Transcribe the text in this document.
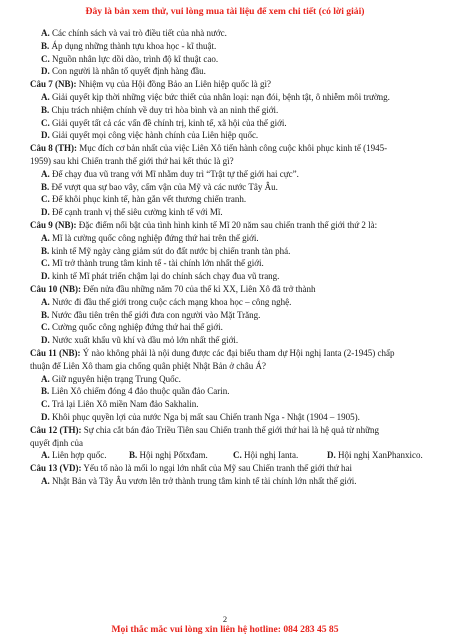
Đây là bản xem thử, vui lòng mua tài liệu để xem chi tiết (có lời giải)
A. Các chính sách và vai trò điều tiết của nhà nước.
B. Áp dụng những thành tựu khoa học - kĩ thuật.
C. Nguồn nhân lực dồi dào, trình độ kĩ thuật cao.
D. Con người là nhân tố quyết định hàng đầu.
Câu 7 (NB): Nhiệm vụ của Hội đồng Bảo an Liên hiệp quốc là gì?
A. Giải quyết kịp thời những việc bức thiết của nhân loại: nạn đói, bệnh tật, ô nhiễm môi trường.
B. Chịu trách nhiệm chính về duy trì hòa bình và an ninh thế giới.
C. Giải quyết tất cả các vấn đề chính trị, kinh tế, xã hội của thế giới.
D. Giải quyết mọi công việc hành chính của Liên hiệp quốc.
Câu 8 (TH): Mục đích cơ bản nhất của việc Liên Xô tiến hành công cuộc khôi phục kinh tế (1945-
1959) sau khi Chiến tranh thế giới thứ hai kết thúc là gì?
A. Để chạy đua vũ trang với Mĩ nhằm duy trì “Trật tự thế giới hai cực”.
B. Để vượt qua sự bao vây, cấm vận của Mỹ và các nước Tây Âu.
C. Để khôi phục kinh tế, hàn gắn vết thương chiến tranh.
D. Để cạnh tranh vị thế siêu cường kinh tế với Mĩ.
Câu 9 (NB): Đặc điểm nổi bật của tình hình kinh tế Mĩ 20 năm sau chiến tranh thế giới thứ 2 là:
A. Mĩ là cường quốc công nghiệp đứng thứ hai trên thế giới.
B. kinh tế Mỹ ngày càng giảm sút do đất nước bị chiến tranh tàn phá.
C. Mĩ trở thành trung tâm kinh tế - tài chính lớn nhất thế giới.
D. kinh tế Mĩ phát triển chậm lại do chính sách chạy đua vũ trang.
Câu 10 (NB): Đến nửa đầu những năm 70 của thế kỉ XX, Liên Xô đã trở thành
A. Nước đi đầu thế giới trong cuộc cách mạng khoa học – công nghệ.
B. Nước đầu tiên trên thế giới đưa con người vào Mặt Trăng.
C. Cường quốc công nghiệp đứng thứ hai thế giới.
D. Nước xuất khẩu vũ khí và dầu mỏ lớn nhất thế giới.
Câu 11 (NB): Ý nào không phải là nội dung được các đại biểu tham dự Hội nghị Ianta (2-1945) chấp
thuận để Liên Xô tham gia chống quân phiệt Nhật Bản ở châu Á?
A. Giữ nguyên hiện trạng Trung Quốc.
B. Liên Xô chiếm đóng 4 đảo thuộc quần đảo Carin.
C. Trả lại Liên Xô miền Nam đảo Sakhalin.
D. Khôi phục quyền lợi của nước Nga bị mất sau Chiến tranh Nga - Nhật (1904 – 1905).
Câu 12 (TH): Sự chia cắt bán đảo Triều Tiên sau Chiến tranh thế giới thứ hai là hệ quả từ những
quyết định của
A. Liên hợp quốc.	B. Hội nghị Pốtxđam.	C. Hội nghị Ianta.	D. Hội nghị XanPhanxico.
Câu 13 (VD): Yếu tố nào là mối lo ngại lớn nhất của Mỹ sau Chiến tranh thế giới thứ hai
A. Nhật Bản và Tây Âu vươn lên trở thành trung tâm kinh tế tài chính lớn nhất thế giới.
2
Mọi thắc mắc vui lòng xin liên hệ hotline: 084 283 45 85
